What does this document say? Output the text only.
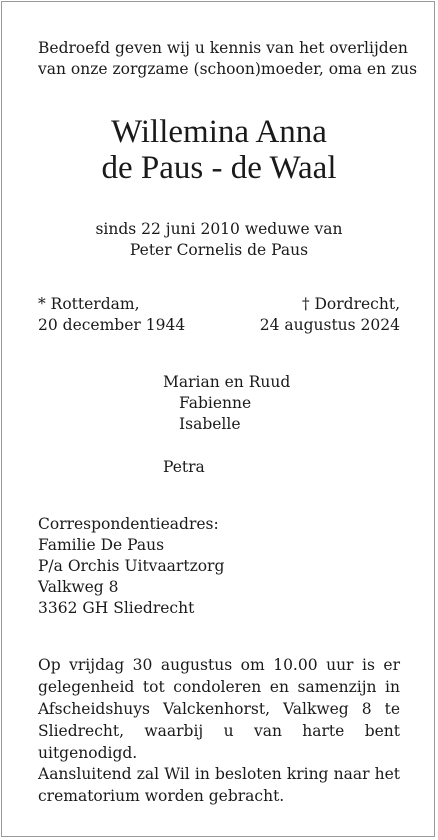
Bedroefd geven wij u kennis van het overlijden
van onze zorgzame (schoon)moeder, oma en zus
Willemina Anna
de Paus - de Waal
sinds 22 juni 2010 weduwe van
Peter Cornelis de Paus
* Rotterdam,
20 december 1944
† Dordrecht,
24 augustus 2024
Marian en Ruud
Fabienne
Isabelle
Petra
Correspondentieadres:
Familie De Paus
P/a Orchis Uitvaartzorg
Valkweg 8
3362 GH Sliedrecht
Op vrijdag 30 augustus om 10.00 uur is er gelegenheid tot condoleren en samenzijn in Afscheidshuys Valckenhorst, Valkweg 8 te Sliedrecht, waarbij u van harte bent uitgenodigd.
Aansluitend zal Wil in besloten kring naar het crematorium worden gebracht.
